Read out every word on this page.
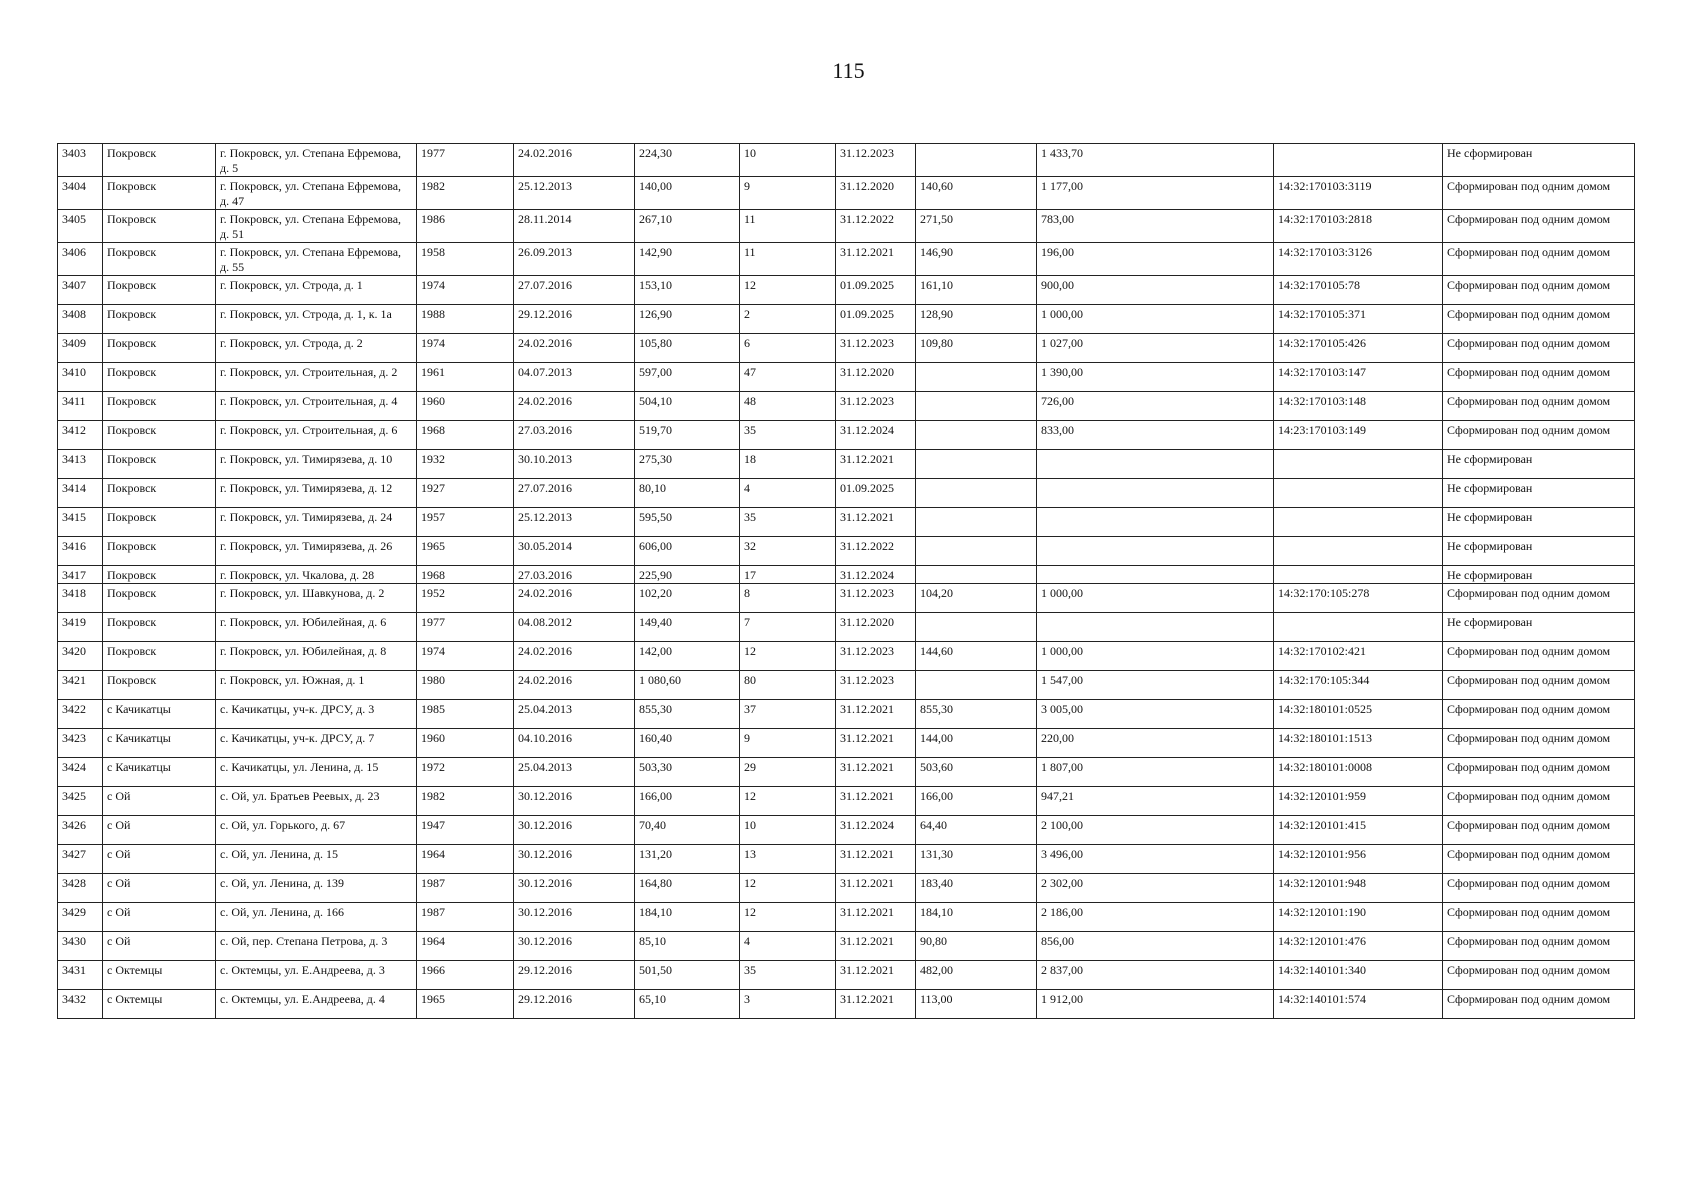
115
3403	Покровск	г. Покровск, ул. Степана Ефремова, д. 5	1977	24.02.2016	224,30	10	31.12.2023		1 433,70		Не сформирован
3404	Покровск	г. Покровск, ул. Степана Ефремова, д. 47	1982	25.12.2013	140,00	9	31.12.2020	140,60	1 177,00	14:32:170103:3119	Сформирован под одним домом
3405	Покровск	г. Покровск, ул. Степана Ефремова, д. 51	1986	28.11.2014	267,10	11	31.12.2022	271,50	783,00	14:32:170103:2818	Сформирован под одним домом
3406	Покровск	г. Покровск, ул. Степана Ефремова, д. 55	1958	26.09.2013	142,90	11	31.12.2021	146,90	196,00	14:32:170103:3126	Сформирован под одним домом
3407	Покровск	г. Покровск, ул. Строда, д. 1	1974	27.07.2016	153,10	12	01.09.2025	161,10	900,00	14:32:170105:78	Сформирован под одним домом
3408	Покровск	г. Покровск, ул. Строда, д. 1, к. 1а	1988	29.12.2016	126,90	2	01.09.2025	128,90	1 000,00	14:32:170105:371	Сформирован под одним домом
3409	Покровск	г. Покровск, ул. Строда, д. 2	1974	24.02.2016	105,80	6	31.12.2023	109,80	1 027,00	14:32:170105:426	Сформирован под одним домом
3410	Покровск	г. Покровск, ул. Строительная, д. 2	1961	04.07.2013	597,00	47	31.12.2020		1 390,00	14:32:170103:147	Сформирован под одним домом
3411	Покровск	г. Покровск, ул. Строительная, д. 4	1960	24.02.2016	504,10	48	31.12.2023		726,00	14:32:170103:148	Сформирован под одним домом
3412	Покровск	г. Покровск, ул. Строительная, д. 6	1968	27.03.2016	519,70	35	31.12.2024		833,00	14:23:170103:149	Сформирован под одним домом
3413	Покровск	г. Покровск, ул. Тимирязева, д. 10	1932	30.10.2013	275,30	18	31.12.2021				Не сформирован
3414	Покровск	г. Покровск, ул. Тимирязева, д. 12	1927	27.07.2016	80,10	4	01.09.2025				Не сформирован
3415	Покровск	г. Покровск, ул. Тимирязева, д. 24	1957	25.12.2013	595,50	35	31.12.2021				Не сформирован
3416	Покровск	г. Покровск, ул. Тимирязева, д. 26	1965	30.05.2014	606,00	32	31.12.2022				Не сформирован
3417	Покровск	г. Покровск, ул. Чкалова, д. 28	1968	27.03.2016	225,90	17	31.12.2024				Не сформирован
3418	Покровск	г. Покровск, ул. Шавкунова, д. 2	1952	24.02.2016	102,20	8	31.12.2023	104,20	1 000,00	14:32:170:105:278	Сформирован под одним домом
3419	Покровск	г. Покровск, ул. Юбилейная, д. 6	1977	04.08.2012	149,40	7	31.12.2020				Не сформирован
3420	Покровск	г. Покровск, ул. Юбилейная, д. 8	1974	24.02.2016	142,00	12	31.12.2023	144,60	1 000,00	14:32:170102:421	Сформирован под одним домом
3421	Покровск	г. Покровск, ул. Южная, д. 1	1980	24.02.2016	1 080,60	80	31.12.2023		1 547,00	14:32:170:105:344	Сформирован под одним домом
3422	с Качикатцы	с. Качикатцы, уч-к. ДРСУ, д. 3	1985	25.04.2013	855,30	37	31.12.2021	855,30	3 005,00	14:32:180101:0525	Сформирован под одним домом
3423	с Качикатцы	с. Качикатцы, уч-к. ДРСУ, д. 7	1960	04.10.2016	160,40	9	31.12.2021	144,00	220,00	14:32:180101:1513	Сформирован под одним домом
3424	с Качикатцы	с. Качикатцы, ул. Ленина, д. 15	1972	25.04.2013	503,30	29	31.12.2021	503,60	1 807,00	14:32:180101:0008	Сформирован под одним домом
3425	с Ой	с. Ой, ул. Братьев Реевых, д. 23	1982	30.12.2016	166,00	12	31.12.2021	166,00	947,21	14:32:120101:959	Сформирован под одним домом
3426	с Ой	с. Ой, ул. Горького, д. 67	1947	30.12.2016	70,40	10	31.12.2024	64,40	2 100,00	14:32:120101:415	Сформирован под одним домом
3427	с Ой	с. Ой, ул. Ленина, д. 15	1964	30.12.2016	131,20	13	31.12.2021	131,30	3 496,00	14:32:120101:956	Сформирован под одним домом
3428	с Ой	с. Ой, ул. Ленина, д. 139	1987	30.12.2016	164,80	12	31.12.2021	183,40	2 302,00	14:32:120101:948	Сформирован под одним домом
3429	с Ой	с. Ой, ул. Ленина, д. 166	1987	30.12.2016	184,10	12	31.12.2021	184,10	2 186,00	14:32:120101:190	Сформирован под одним домом
3430	с Ой	с. Ой, пер. Степана Петрова, д. 3	1964	30.12.2016	85,10	4	31.12.2021	90,80	856,00	14:32:120101:476	Сформирован под одним домом
3431	с Октемцы	с. Октемцы, ул. Е.Андреева, д. 3	1966	29.12.2016	501,50	35	31.12.2021	482,00	2 837,00	14:32:140101:340	Сформирован под одним домом
3432	с Октемцы	с. Октемцы, ул. Е.Андреева, д. 4	1965	29.12.2016	65,10	3	31.12.2021	113,00	1 912,00	14:32:140101:574	Сформирован под одним домом
